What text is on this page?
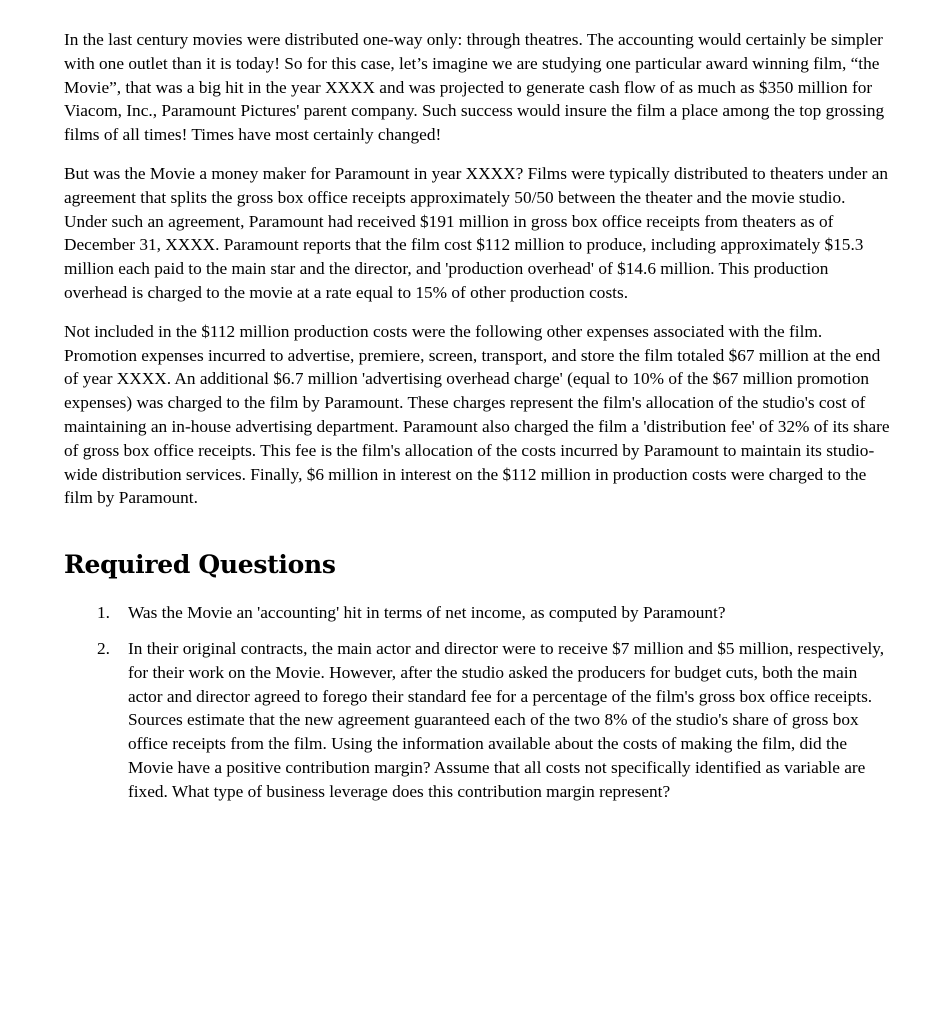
In the last century movies were distributed one-way only: through theatres. The accounting would certainly be simpler with one outlet than it is today! So for this case, let’s imagine we are studying one particular award winning film, “the Movie”, that was a big hit in the year XXXX and was projected to generate cash flow of as much as $350 million for Viacom, Inc., Paramount Pictures' parent company. Such success would insure the film a place among the top grossing films of all times! Times have most certainly changed!

But was the Movie a money maker for Paramount in year XXXX? Films were typically distributed to theaters under an agreement that splits the gross box office receipts approximately 50/50 between the theater and the movie studio. Under such an agreement, Paramount had received $191 million in gross box office receipts from theaters as of December 31, XXXX. Paramount reports that the film cost $112 million to produce, including approximately $15.3 million each paid to the main star and the director, and 'production overhead' of $14.6 million. This production overhead is charged to the movie at a rate equal to 15% of other production costs.

Not included in the $112 million production costs were the following other expenses associated with the film. Promotion expenses incurred to advertise, premiere, screen, transport, and store the film totaled $67 million at the end of year XXXX. An additional $6.7 million 'advertising overhead charge' (equal to 10% of the $67 million promotion expenses) was charged to the film by Paramount. These charges represent the film's allocation of the studio's cost of maintaining an in-house advertising department. Paramount also charged the film a 'distribution fee' of 32% of its share of gross box office receipts. This fee is the film's allocation of the costs incurred by Paramount to maintain its studio-wide distribution services. Finally, $6 million in interest on the $112 million in production costs were charged to the film by Paramount.

Required Questions
1. Was the Movie an 'accounting' hit in terms of net income, as computed by Paramount?
2. In their original contracts, the main actor and director were to receive $7 million and $5 million, respectively, for their work on the Movie. However, after the studio asked the producers for budget cuts, both the main actor and director agreed to forego their standard fee for a percentage of the film's gross box office receipts. Sources estimate that the new agreement guaranteed each of the two 8% of the studio's share of gross box office receipts from the film. Using the information available about the costs of making the film, did the Movie have a positive contribution margin? Assume that all costs not specifically identified as variable are fixed. What type of business leverage does this contribution margin represent?
